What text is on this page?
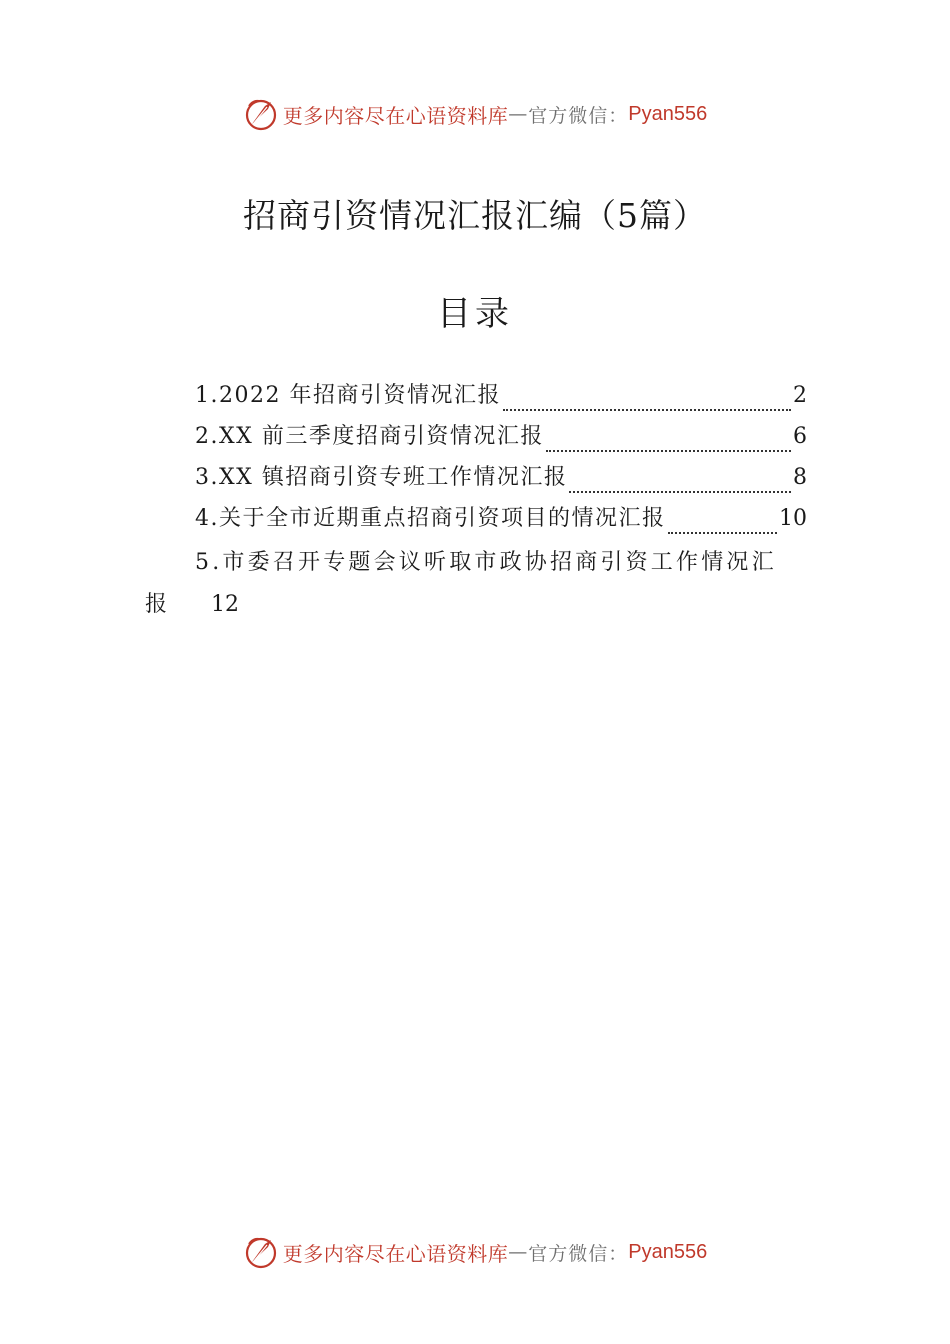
更多内容尽在心语资料库 — 官方微信： Pyan556
招商引资情况汇报汇编（5篇）
目录
1. 2022 年招商引资情况汇报	2
2. XX 前三季度招商引资情况汇报	6
3. XX 镇招商引资专班工作情况汇报	8
4. 关于全市近期重点招商引资项目的情况汇报	10
5.市委召开专题会议听取市政协招商引资工作情况汇
报 12
更多内容尽在心语资料库 — 官方微信： Pyan556
